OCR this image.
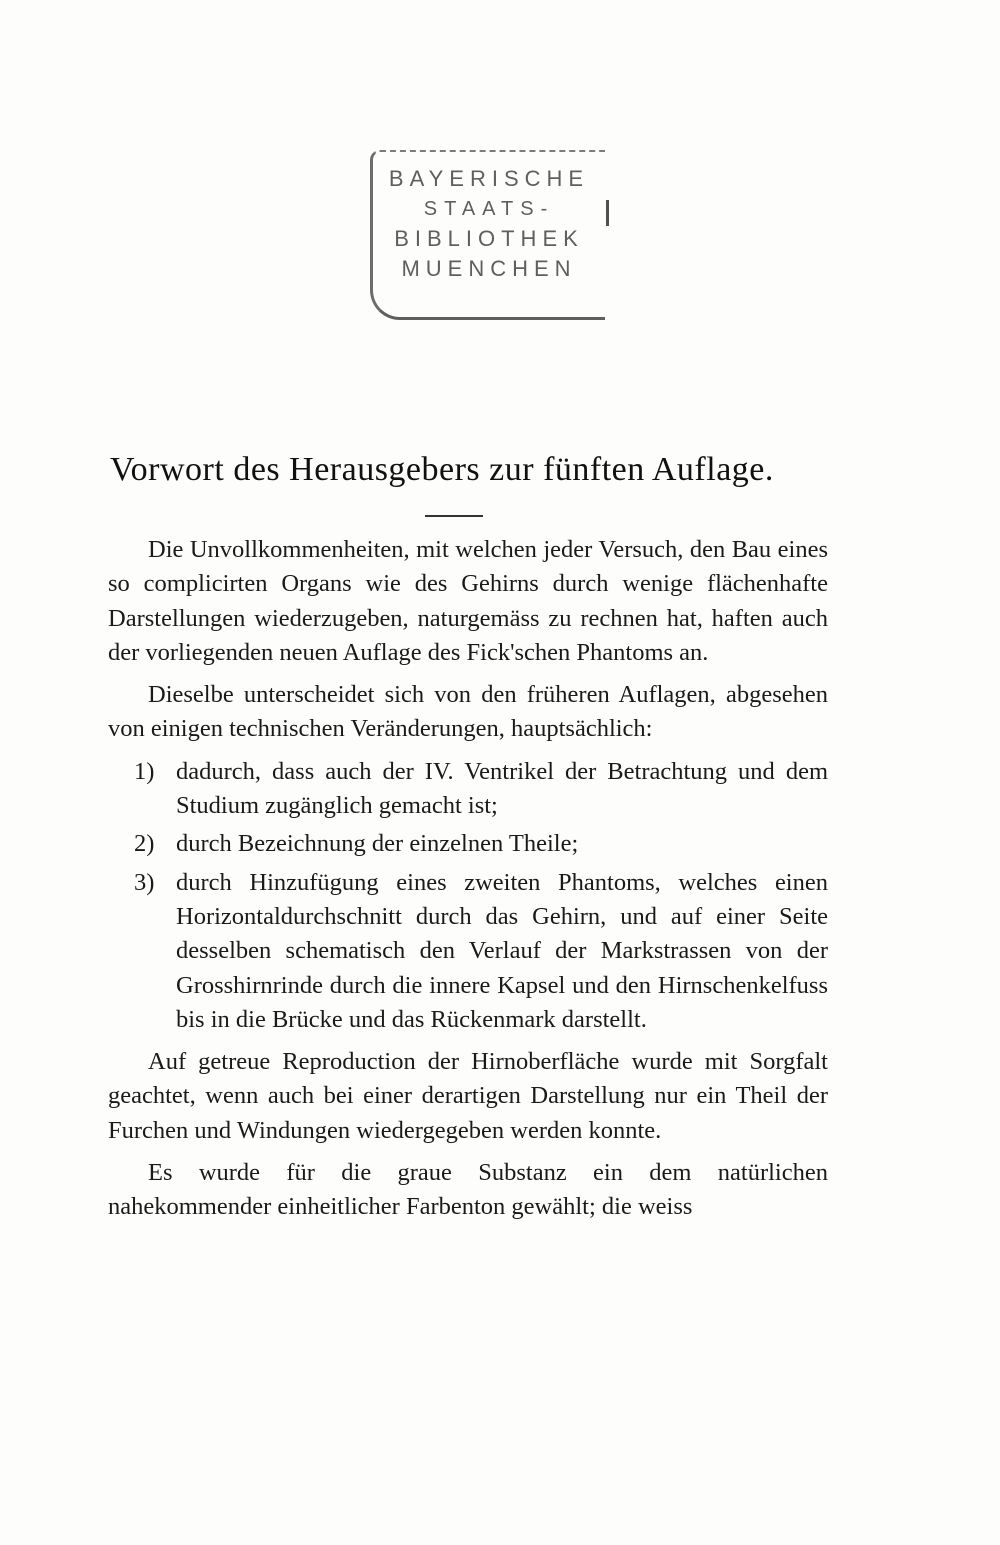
BAYERISCHE
STAATS-
BIBLIOTHEK
MUENCHEN
Vorwort des Herausgebers zur fünften Auflage.

Die Unvollkommenheiten, mit welchen jeder Versuch, den Bau eines so complicirten Organs wie des Gehirns durch wenige flächenhafte Darstellungen wiederzugeben, naturgemäss zu rechnen hat, haften auch der vorliegenden neuen Auflage des Fick'schen Phantoms an.

Dieselbe unterscheidet sich von den früheren Auflagen, abgesehen von einigen technischen Veränderungen, hauptsächlich:

1) dadurch, dass auch der IV. Ventrikel der Betrachtung und dem Studium zugänglich gemacht ist;
2) durch Bezeichnung der einzelnen Theile;
3) durch Hinzufügung eines zweiten Phantoms, welches einen Horizontaldurchschnitt durch das Gehirn, und auf einer Seite desselben schematisch den Verlauf der Markstrassen von der Grosshirnrinde durch die innere Kapsel und den Hirnschenkelfuss bis in die Brücke und das Rückenmark darstellt.

Auf getreue Reproduction der Hirnoberfläche wurde mit Sorgfalt geachtet, wenn auch bei einer derartigen Darstellung nur ein Theil der Furchen und Windungen wiedergegeben werden konnte.

Es wurde für die graue Substanz ein dem natürlichen nahekommender einheitlicher Farbenton gewählt; die weiss
